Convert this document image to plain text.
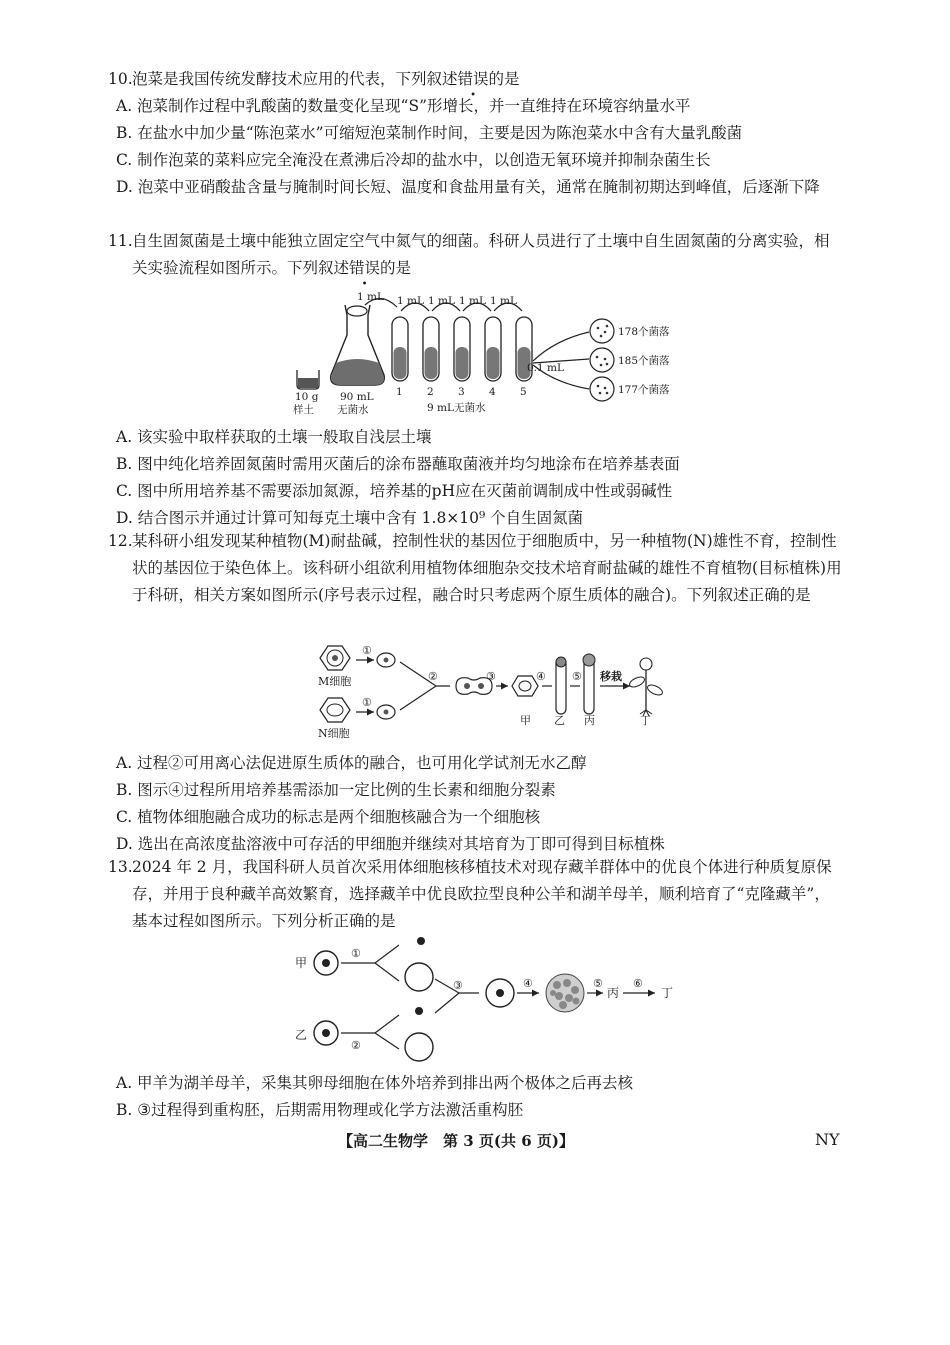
10. 泡菜是我国传统发酵技术应用的代表，下列叙述错误的是
A. 泡菜制作过程中乳酸菌的数量变化呈现“S”形增长，并一直维持在环境容纳量水平
B. 在盐水中加少量“陈泡菜水”可缩短泡菜制作时间，主要是因为陈泡菜水中含有大量乳酸菌
C. 制作泡菜的菜料应完全淹没在煮沸后冷却的盐水中，以创造无氧环境并抑制杂菌生长
D. 泡菜中亚硝酸盐含量与腌制时间长短、温度和食盐用量有关，通常在腌制初期达到峰值，后逐渐下降
11. 自生固氮菌是土壤中能独立固定空气中氮气的细菌。科研人员进行了土壤中自生固氮菌的分离实验，相关实验流程如图所示。下列叙述错误的是
10 g
样土
90 mL
无菌水
1 mL 1 mL 1 mL 1 mL 1 mL
1 2 3 4 5
9 mL无菌水
0.1 mL
178个菌落
185个菌落
177个菌落
A. 该实验中取样获取的土壤一般取自浅层土壤
B. 图中纯化培养固氮菌时需用灭菌后的涂布器蘸取菌液并均匀地涂布在培养基表面
C. 图中所用培养基不需要添加氮源，培养基的pH应在灭菌前调制成中性或弱碱性
D. 结合图示并通过计算可知每克土壤中含有 1.8×10⁹ 个自生固氮菌
12. 某科研小组发现某种植物(M)耐盐碱，控制性状的基因位于细胞质中，另一种植物(N)雄性不育，控制性状的基因位于染色体上。该科研小组欲利用植物体细胞杂交技术培育耐盐碱的雄性不育植物(目标植株)用于科研，相关方案如图所示(序号表示过程，融合时只考虑两个原生质体的融合)。下列叙述正确的是
M细胞
①
N细胞
①
②	③	④ ⑤ 移栽
甲 乙 丙	丁
A. 过程②可用离心法促进原生质体的融合，也可用化学试剂无水乙醇
B. 图示④过程所用培养基需添加一定比例的生长素和细胞分裂素
C. 植物体细胞融合成功的标志是两个细胞核融合为一个细胞核
D. 选出在高浓度盐溶液中可存活的甲细胞并继续对其培育为丁即可得到目标植株
13. 2024 年 2 月，我国科研人员首次采用体细胞核移植技术对现存藏羊群体中的优良个体进行种质复原保存，并用于良种藏羊高效繁育，选择藏羊中优良欧拉型良种公羊和湖羊母羊，顺利培育了“克隆藏羊”，基本过程如图所示。下列分析正确的是
甲
①
乙
②
③	④	⑤
丙
⑥
丁
A. 甲羊为湖羊母羊，采集其卵母细胞在体外培养到排出两个极体之后再去核
B. ③过程得到重构胚，后期需用物理或化学方法激活重构胚
【高二生物学　第 3 页(共 6 页)】	NY
